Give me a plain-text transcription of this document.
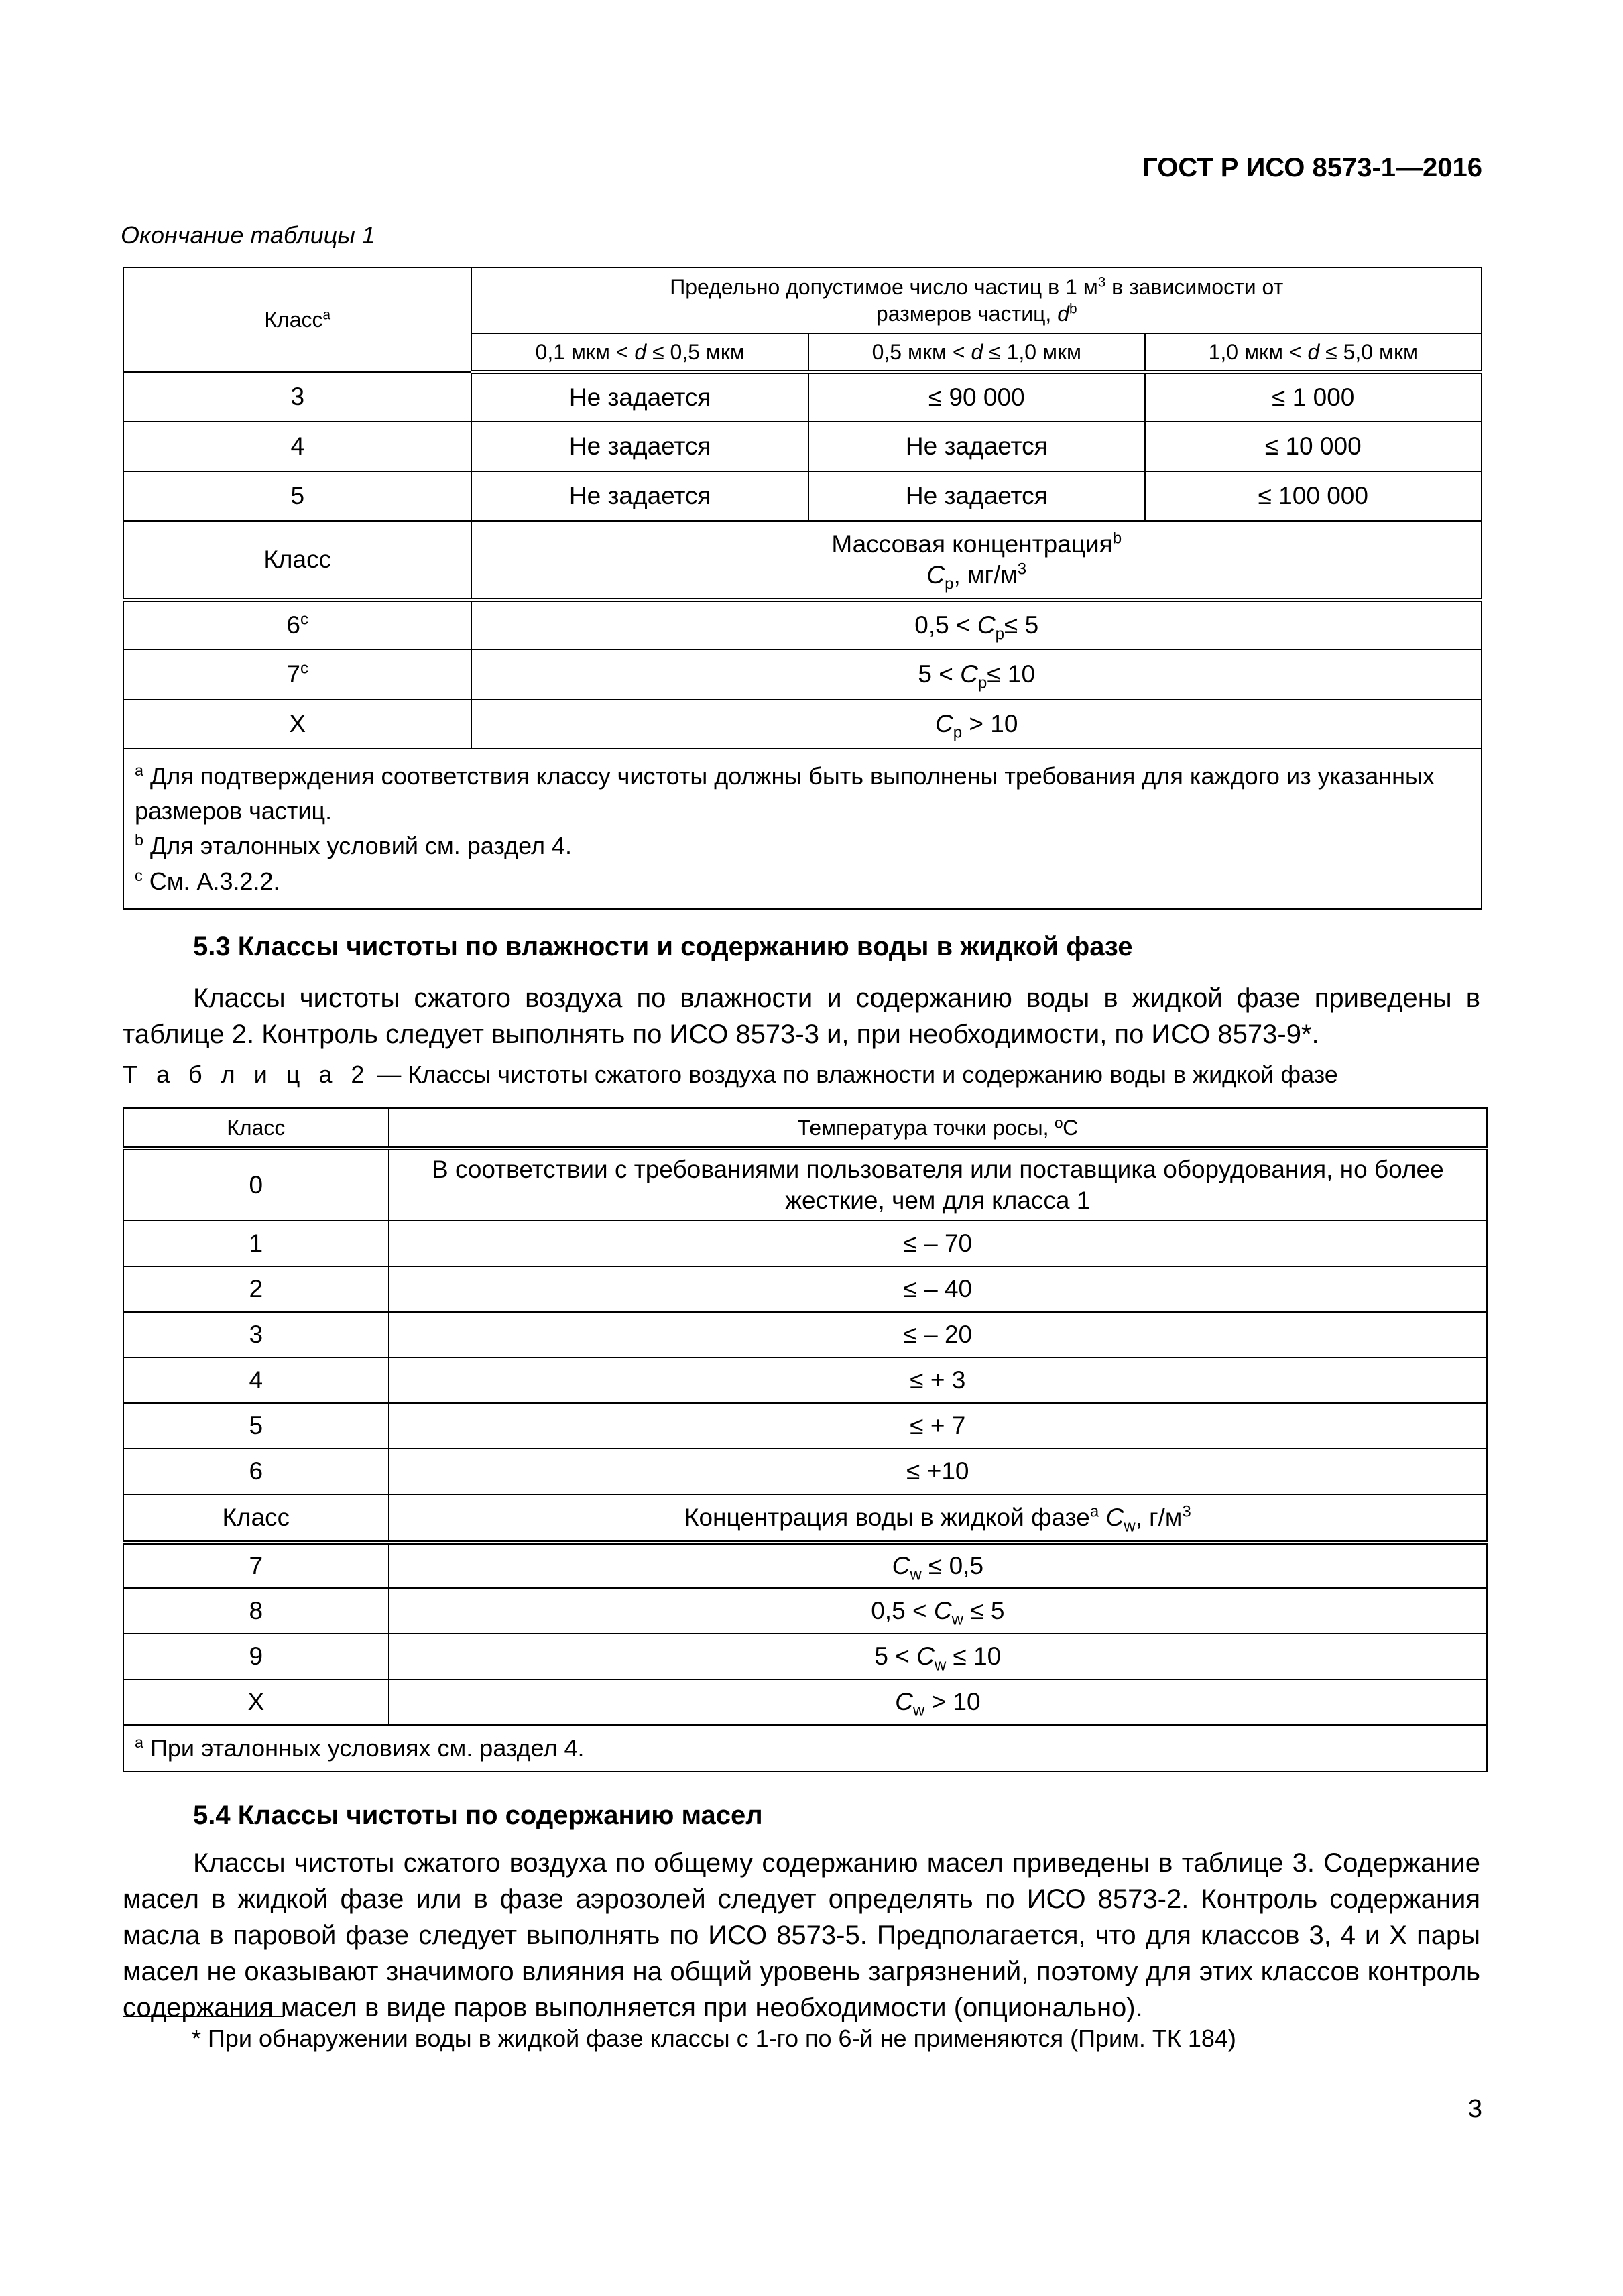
ГОСТ Р ИСО 8573-1—2016
Окончание таблицы 1
Класс$^a$	Предельно допустимое число частиц в 1 $м^3$ в зависимости от
размеров частиц, $d^b$
	0,1 мкм < d ≤ 0,5 мкм	0,5 мкм < d ≤ 1,0 мкм	1,0 мкм < d ≤ 5,0 мкм
3	Не задается	≤ 90 000	≤ 1 000
4	Не задается	Не задается	≤ 10 000
5	Не задается	Не задается	≤ 100 000
Класс	Массовая концентрация$^b$
$C_p$, $мг/м^3$
6$^c$	$0,5 < C_p\le 5$		
7$^c$	$5 < C_p\le 10$		
X	$C_p > 10$		

$^a$ Для подтверждения соответствия классу чистоты должны быть выполнены требования для каждого из указанных размеров частиц.
$^b$ Для эталонных условий см. раздел 4.
$^c$ См. А.3.2.2.			
5.3 Классы чистоты по влажности и содержанию воды в жидкой фазе
Классы чистоты сжатого воздуха по влажности и содержанию воды в жидкой фазе приведены в таблице 2. Контроль следует выполнять по ИСО 8573-3 и, при необходимости, по ИСО 8573-9*.
Т а б л и ц а 2 — Классы чистоты сжатого воздуха по влажности и содержанию воды в жидкой фазе
Класс	Температура точки росы, ºС
0	В соответствии с требованиями пользователя или поставщика оборудования, но более жесткие, чем для класса 1
1	≤ – 70
2	≤ – 40
3	≤ – 20
4	≤ + 3
5	≤ + 7
6	≤ +10
Класс	Концентрация воды в жидкой фазе$^a$ $C_w$, $г/м^3$
7	$C_w \le 0,5$
8	$0,5 < C_w \le 5$
9	$5 < C_w \le 10$
X	$C_w > 10$
$^a$ При эталонных условиях см. раздел 4.	
5.4 Классы чистоты по содержанию масел
Классы чистоты сжатого воздуха по общему содержанию масел приведены в таблице 3. Содержание масел в жидкой фазе или в фазе аэрозолей следует определять по ИСО 8573-2. Контроль содержания масла в паровой фазе следует выполнять по ИСО 8573-5. Предполагается, что для классов 3, 4 и X пары масел не оказывают значимого влияния на общий уровень загрязнений, поэтому для этих классов контроль содержания масел в виде паров выполняется при необходимости (опционально).
* При обнаружении воды в жидкой фазе классы с 1-го по 6-й не применяются (Прим. ТК 184)
3
